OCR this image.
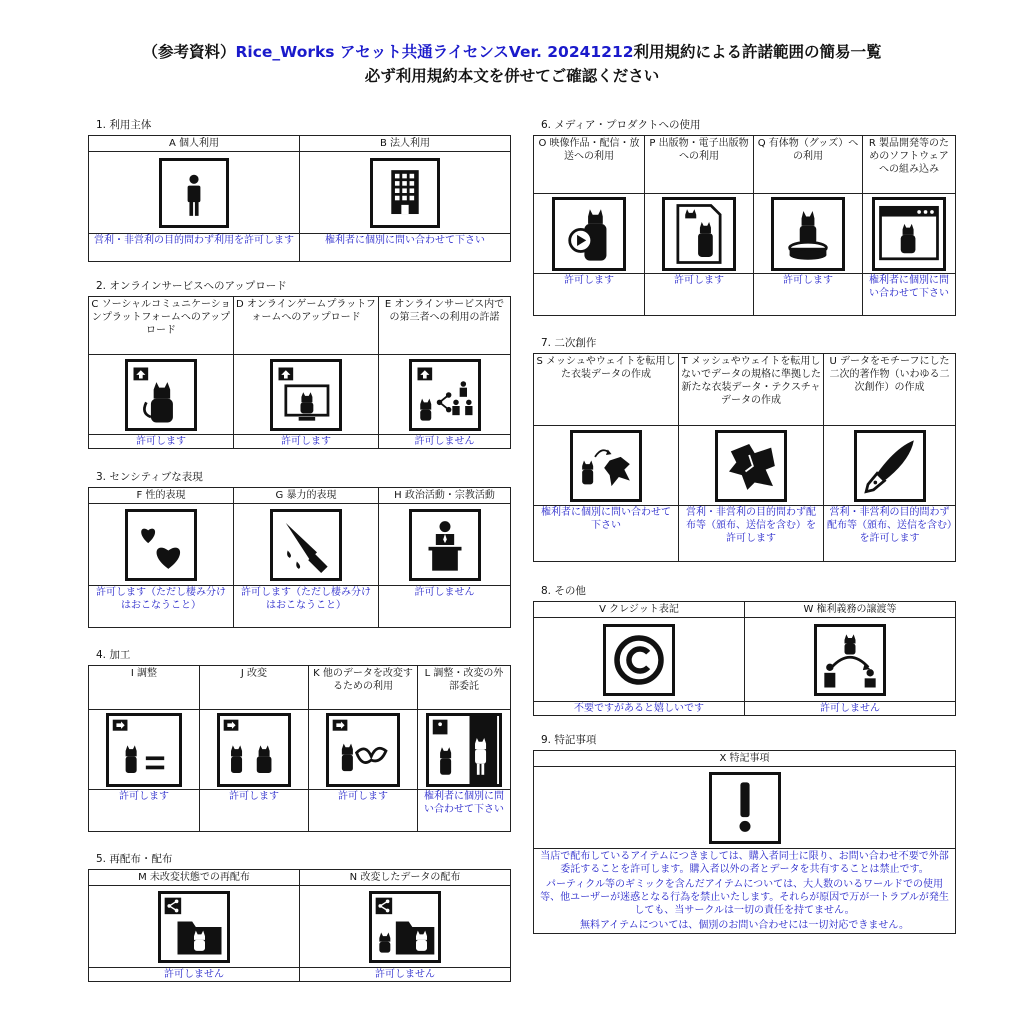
（参考資料）Rice_Works アセット共通ライセンスVer. 20241212利用規約による許諾範囲の簡易一覧
必ず利用規約本文を併せてご確認ください
1. 利用主体
A 個人利用	B 法人利用

営利・非営利の目的問わず利用を許可します	権利者に個別に問い合わせて下さい
2. オンラインサービスへのアップロード
C ソーシャルコミュニケーションプラットフォームへのアップロード	D オンラインゲームプラットフォームへのアップロード	E オンラインサービス内での第三者への利用の許諾

許可します	許可します	許可しません
3. センシティブな表現
F 性的表現	G 暴力的表現	H 政治活動・宗教活動

許可します（ただし棲み分けはおこなうこと）	許可します（ただし棲み分けはおこなうこと）	許可しません
4. 加工
I 調整	J 改変	K 他のデータを改変するための利用	L 調整・改変の外部委託

許可します	許可します	許可します	権利者に個別に問い合わせて下さい
5. 再配布・配布
M 未改変状態での再配布	N 改変したデータの配布

許可しません	許可しません
6. メディア・プロダクトへの使用
O 映像作品・配信・放送への利用	P 出版物・電子出版物への利用	Q 有体物（グッズ）への利用	R 製品開発等のためのソフトウェアへの組み込み

許可します	許可します	許可します	権利者に個別に問い合わせて下さい
7. 二次創作
S メッシュやウェイトを転用した衣装データの作成	T メッシュやウェイトを転用しないでデータの規格に準拠した新たな衣装データ・テクスチャデータの作成	U データをモチーフにした二次的著作物（いわゆる二次創作）の作成

権利者に個別に問い合わせて下さい	営利・非営利の目的問わず配布等（頒布、送信を含む）を許可します	営利・非営利の目的問わず配布等（頒布、送信を含む）を許可します
8. その他
V クレジット表記	W 権利義務の譲渡等

不要ですがあると嬉しいです	許可しません
9. 特記事項
X 特記事項

当店で配布しているアイテムにつきましては、購入者同士に限り、お問い合わせ不要で外部委託することを許可します。購入者以外の者とデータを共有することは禁止です。
パーティクル等のギミックを含んだアイテムについては、大人数のいるワールドでの使用等、他ユーザーが迷惑となる行為を禁止いたします。それらが原因で万が一トラブルが発生しても、当サークルは一切の責任を持てません。
無料アイテムについては、個別のお問い合わせには一切対応できません。
